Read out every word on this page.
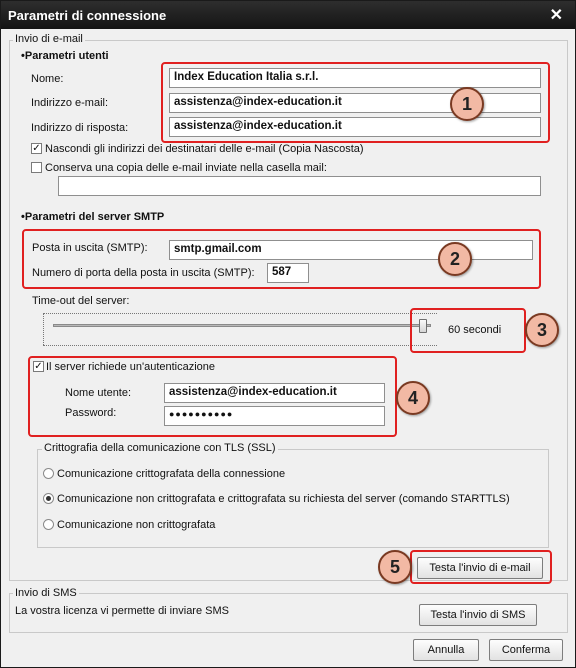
Parametri di connessione	✕
Invio di e-mail
•Parametri utenti
Nome:	Index Education Italia s.r.l.
Indirizzo e-mail:	assistenza@index-education.it
Indirizzo di risposta:	assistenza@index-education.it
✓ Nascondi gli indirizzi dei destinatari delle e-mail (Copia Nascosta)
Conserva una copia delle e-mail inviate nella casella mail:
•Parametri del server SMTP
Posta in uscita (SMTP):	smtp.gmail.com
Numero di porta della posta in uscita (SMTP):	587
Time-out del server:
60 secondi
✓ Il server richiede un'autenticazione
Nome utente:	assistenza@index-education.it
Password:	●●●●●●●●●●
Crittografia della comunicazione con TLS (SSL)
Comunicazione crittografata della connessione
Comunicazione non crittografata e crittografata su richiesta del server (comando STARTTLS)
Comunicazione non crittografata
Testa l'invio di e-mail
Invio di SMS
La vostra licenza vi permette di inviare SMS	Testa l'invio di SMS
Annulla	Conferma
1
2
3
4
5
